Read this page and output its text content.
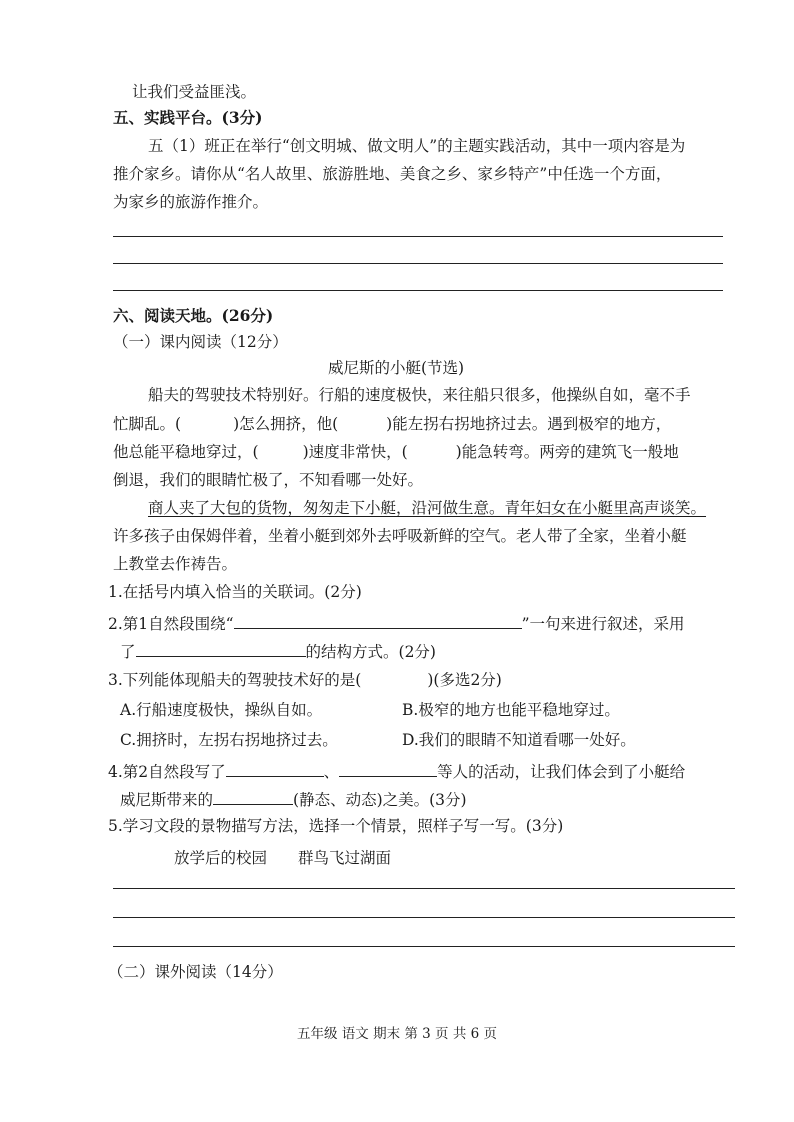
让我们受益匪浅。
五、实践平台。(3分)
五（1）班正在举行“创文明城、做文明人”的主题实践活动，其中一项内容是为
推介家乡。请你从“名人故里、旅游胜地、美食之乡、家乡特产”中任选一个方面，
为家乡的旅游作推介。
六、阅读天地。(26分)
（一）课内阅读（12分）
威尼斯的小艇(节选)
船夫的驾驶技术特别好。行船的速度极快，来往船只很多，他操纵自如，毫不手
忙脚乱。(	)怎么拥挤，他(	)能左拐右拐地挤过去。遇到极窄的地方，
他总能平稳地穿过，(	)速度非常快，(	)能急转弯。两旁的建筑飞一般地
倒退，我们的眼睛忙极了，不知看哪一处好。
商人夹了大包的货物，匆匆走下小艇，沿河做生意。青年妇女在小艇里高声谈笑。
许多孩子由保姆伴着，坐着小艇到郊外去呼吸新鲜的空气。老人带了全家，坐着小艇
上教堂去作祷告。
1.在括号内填入恰当的关联词。(2分)
2.第1自然段围绕“	”一句来进行叙述，采用
了	的结构方式。(2分)
3.下列能体现船夫的驾驶技术好的是(	)(多选2分)
A.行船速度极快，操纵自如。	B.极窄的地方也能平稳地穿过。
C.拥挤时，左拐右拐地挤过去。	D.我们的眼睛不知道看哪一处好。
4.第2自然段写了	、	等人的活动，让我们体会到了小艇给
威尼斯带来的	(静态、动态)之美。(3分)
5.学习文段的景物描写方法，选择一个情景，照样子写一写。(3分)
放学后的校园 群鸟飞过湖面
（二）课外阅读（14分）
五年级 语文 期末 第 3 页 共 6 页
